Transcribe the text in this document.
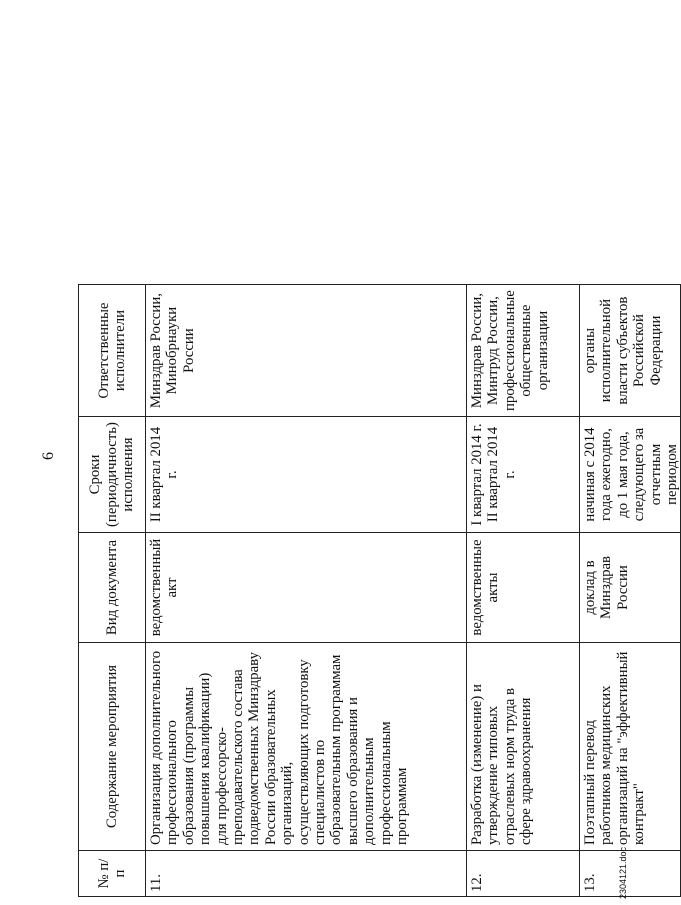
6
№ п/п	Содержание мероприятия	Вид документа	Сроки (периодичность) исполнения	Ответственные исполнители
11.	Организация дополнительного профессионального образования (программы повышения квалификации) для профессорско-преподавательского состава подведомственных Минздраву России образовательных организаций, осуществляющих подготовку специалистов по образовательным программам высшего образования и дополнительным профессиональным программам	ведомственный акт	II квартал 2014 г.	Минздрав России, Минобрнауки России
12.	Разработка (изменение) и утверждение типовых отраслевых норм труда в сфере здравоохранения	ведомственные акты	I квартал 2014 г. II квартал 2014 г.	Минздрав России, Минтруд России, профессиональные общественные организации
13.	Поэтапный перевод работников медицинских организаций на "эффективный контракт"	доклад в Минздрав России	начиная с 2014 года ежегодно, до 1 мая года, следующего за отчетным периодом	органы исполнительной власти субъектов Российской Федерации
2304121.doc
